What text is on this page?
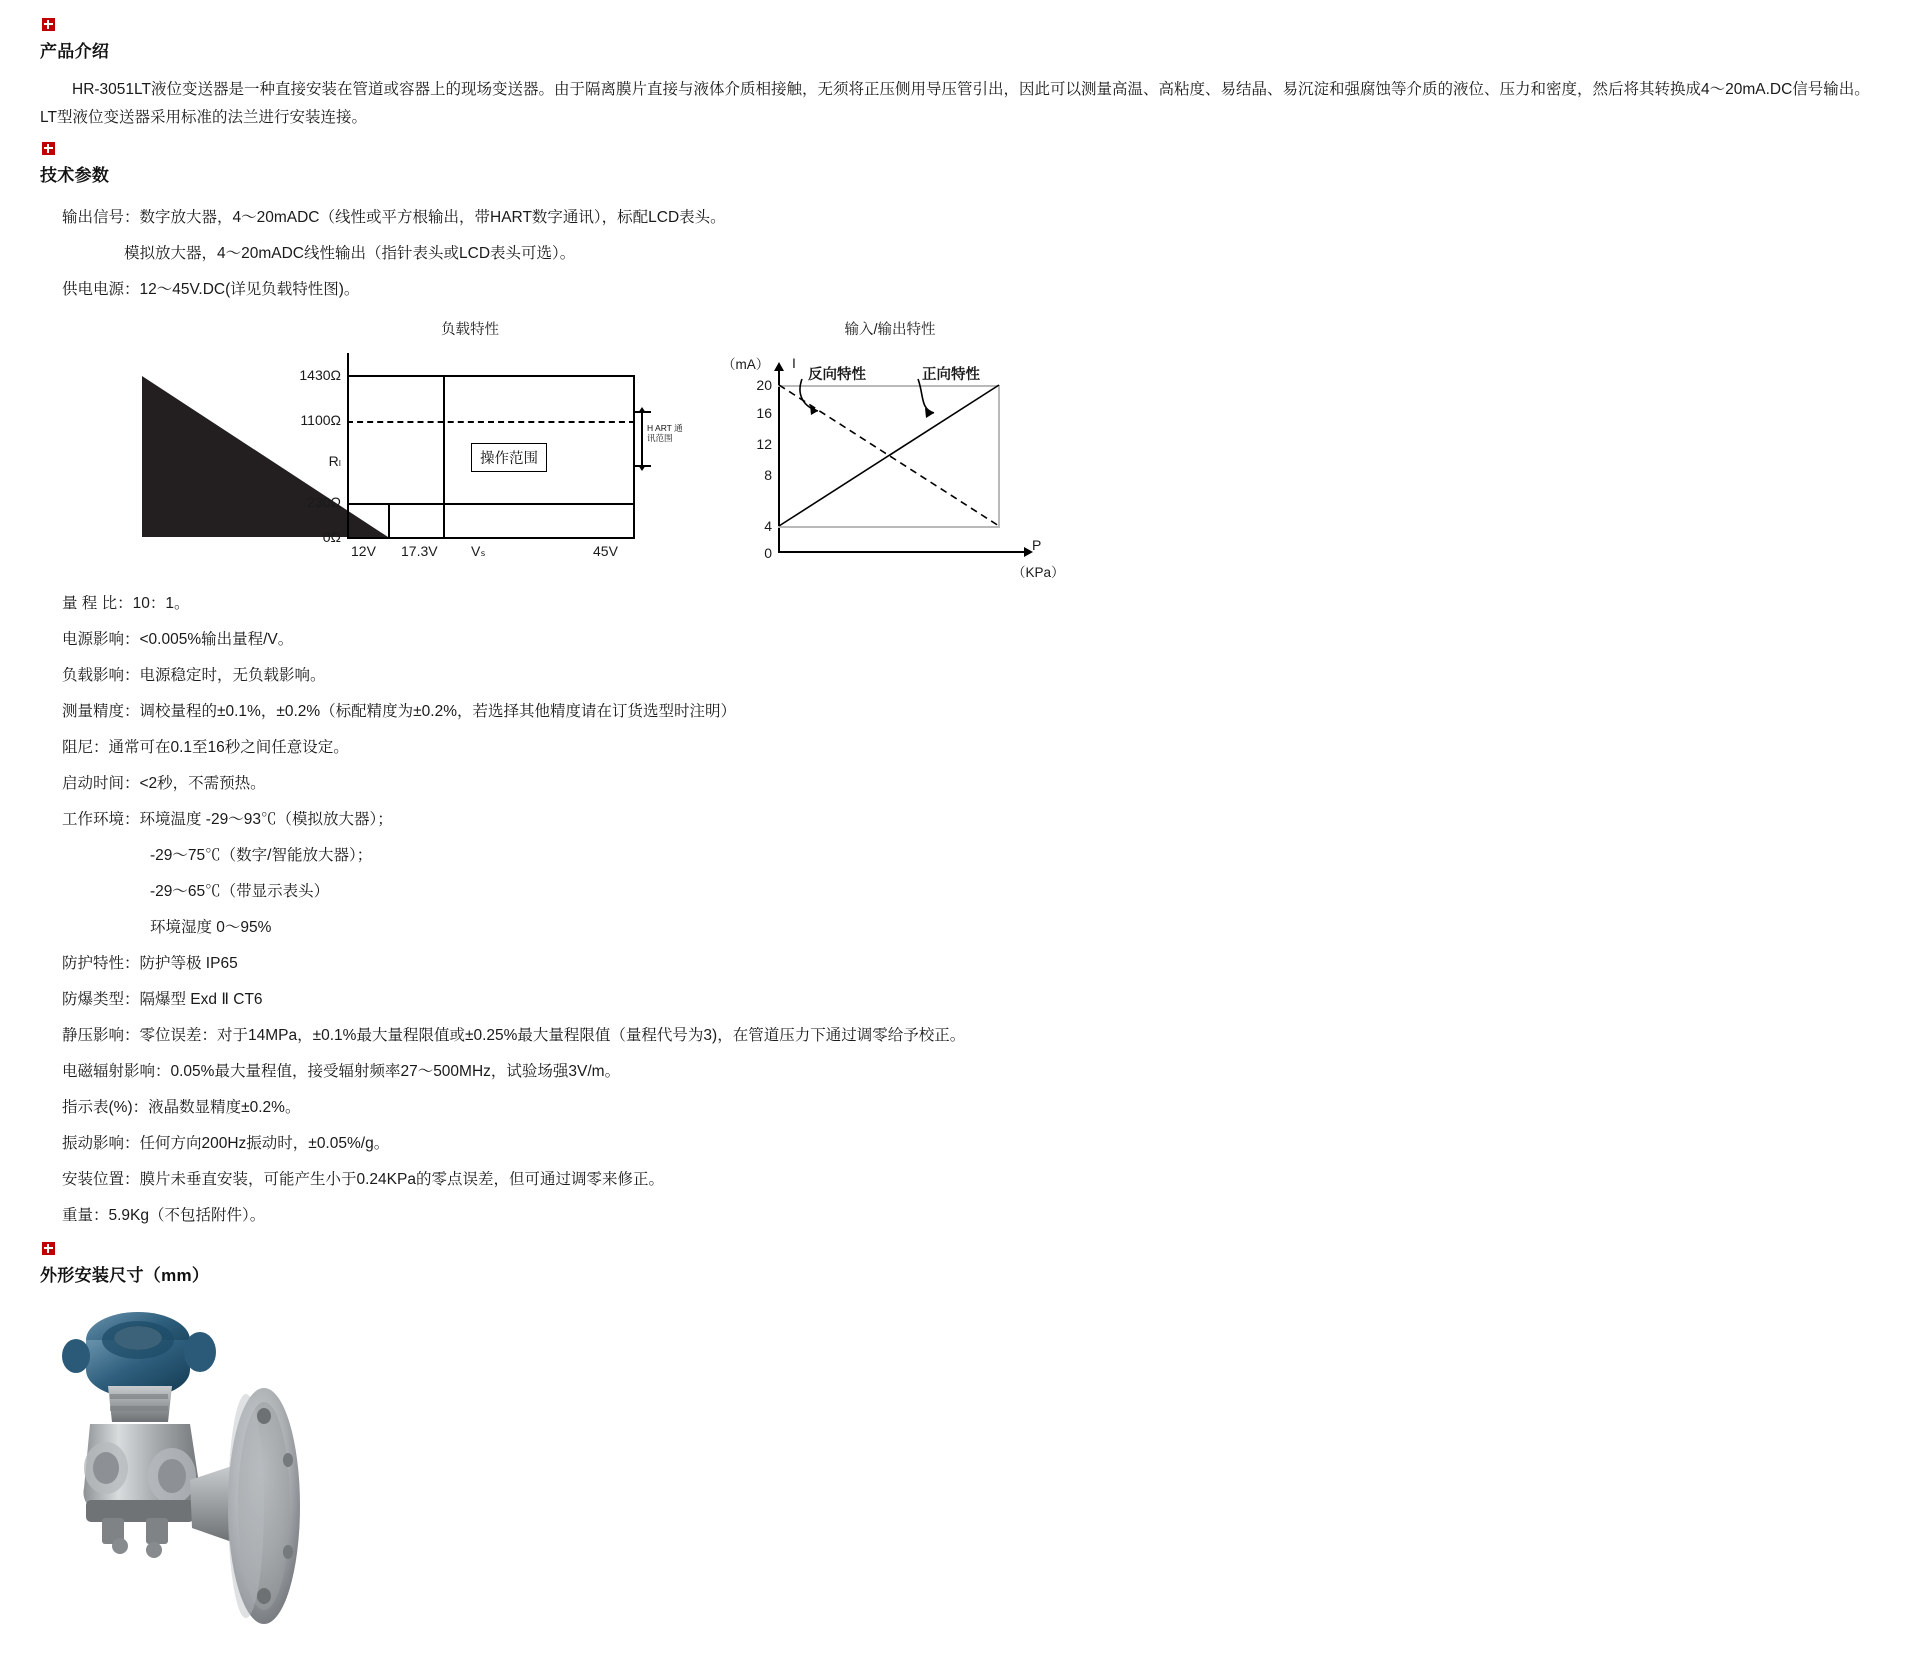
产品介绍

HR-3051LT液位变送器是一种直接安装在管道或容器上的现场变送器。由于隔离膜片直接与液体介质相接触，无须将正压侧用导压管引出，因此可以测量高温、高粘度、易结晶、易沉淀和强腐蚀等介质的液位、压力和密度，然后将其转换成4～20mA.DC信号输出。LT型液位变送器采用标准的法兰进行安装连接。

技术参数

输出信号：数字放大器，4～20mADC（线性或平方根输出，带HART数字通讯），标配LCD表头。

模拟放大器，4～20mADC线性输出（指针表头或LCD表头可选）。

供电电源：12～45V.DC(详见负载特性图)。

负载特性

1430Ω
1100Ω
Rₗ
230Ω
0Ω
12V 17.3V Vₛ	45V
操作范围
H ART 通 讯范围

输入/输出特性

（mA） I
反向特性	正向特性
20
16
12
8
4
0	P
（KPa）

量 程 比：10：1。

电源影响：<0.005%输出量程/V。

负载影响：电源稳定时，无负载影响。

测量精度：调校量程的±0.1%，±0.2%（标配精度为±0.2%，若选择其他精度请在订货选型时注明）

阻尼：通常可在0.1至16秒之间任意设定。

启动时间：<2秒，不需预热。

工作环境：环境温度 -29～93℃（模拟放大器）；

-29～75℃（数字/智能放大器）；

-29～65℃（带显示表头）

环境湿度 0～95%

防护特性：防护等极 IP65

防爆类型：隔爆型 Exd Ⅱ CT6

静压影响：零位误差：对于14MPa，±0.1%最大量程限值或±0.25%最大量程限值（量程代号为3)，在管道压力下通过调零给予校正。

电磁辐射影响：0.05%最大量程值，接受辐射频率27～500MHz，试验场强3V/m。

指示表(%)：液晶数显精度±0.2%。

振动影响：任何方向200Hz振动时，±0.05%/g。

安装位置：膜片未垂直安装，可能产生小于0.24KPa的零点误差，但可通过调零来修正。

重量：5.9Kg（不包括附件）。

外形安装尺寸（mm）
